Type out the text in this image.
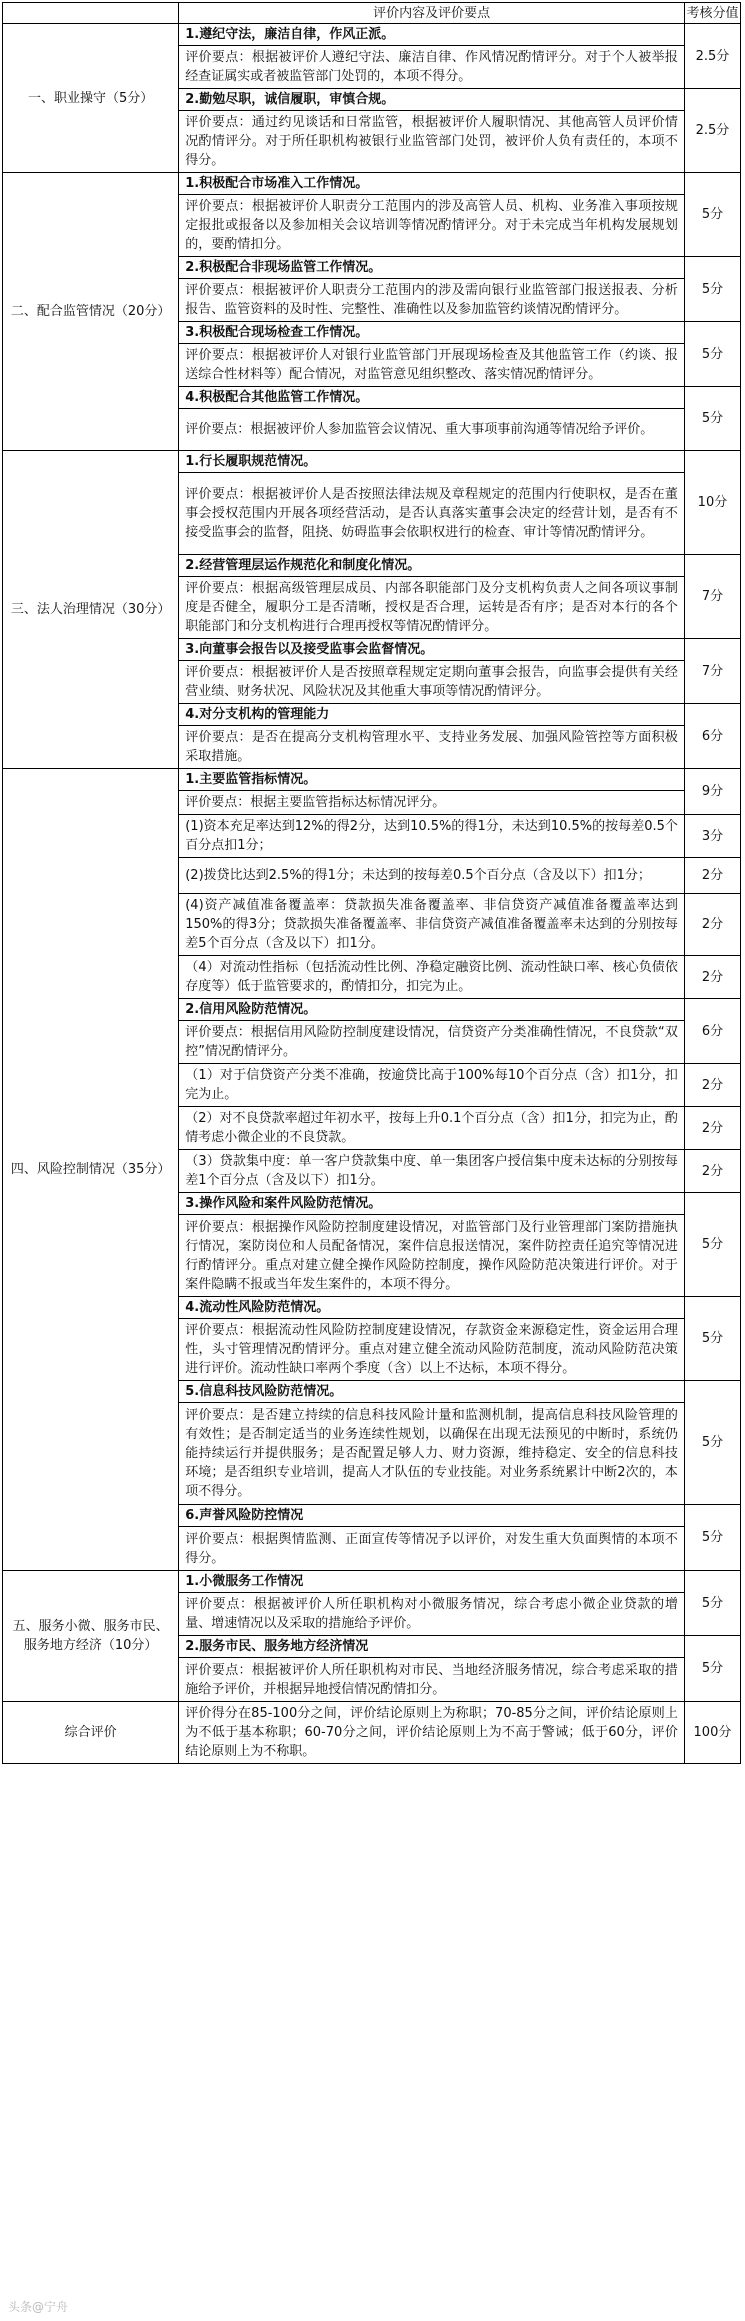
	评价内容及评价要点	考核分值
一、职业操守（5分）	1.遵纪守法，廉洁自律，作风正派。	2.5分
	评价要点：根据被评价人遵纪守法、廉洁自律、作风情况酌情评分。对于个人被举报经查证属实或者被监管部门处罚的，本项不得分。	
	2.勤勉尽职，诚信履职，审慎合规。	2.5分
	评价要点：通过约见谈话和日常监管，根据被评价人履职情况、其他高管人员评价情况酌情评分。对于所任职机构被银行业监管部门处罚，被评价人负有责任的，本项不得分。	
二、配合监管情况（20分）	1.积极配合市场准入工作情况。	5分
	评价要点：根据被评价人职责分工范围内的涉及高管人员、机构、业务准入事项按规定报批或报备以及参加相关会议培训等情况酌情评分。对于未完成当年机构发展规划的，要酌情扣分。	
	2.积极配合非现场监管工作情况。	5分
	评价要点：根据被评价人职责分工范围内的涉及需向银行业监管部门报送报表、分析报告、监管资料的及时性、完整性、准确性以及参加监管约谈情况酌情评分。	
	3.积极配合现场检查工作情况。	5分
	评价要点：根据被评价人对银行业监管部门开展现场检查及其他监管工作（约谈、报送综合性材料等）配合情况，对监管意见组织整改、落实情况酌情评分。	
	4.积极配合其他监管工作情况。	5分
	评价要点：根据被评价人参加监管会议情况、重大事项事前沟通等情况给予评价。	
三、法人治理情况（30分）	1.行长履职规范情况。	10分
	评价要点：根据被评价人是否按照法律法规及章程规定的范围内行使职权，是否在董事会授权范围内开展各项经营活动，是否认真落实董事会决定的经营计划，是否有不接受监事会的监督，阻挠、妨碍监事会依职权进行的检查、审计等情况酌情评分。	
	2.经营管理层运作规范化和制度化情况。	7分
	评价要点：根据高级管理层成员、内部各职能部门及分支机构负责人之间各项议事制度是否健全，履职分工是否清晰，授权是否合理，运转是否有序；是否对本行的各个职能部门和分支机构进行合理再授权等情况酌情评分。	
	3.向董事会报告以及接受监事会监督情况。	7分
	评价要点：根据被评价人是否按照章程规定定期向董事会报告，向监事会提供有关经营业绩、财务状况、风险状况及其他重大事项等情况酌情评分。	
	4.对分支机构的管理能力	6分
	评价要点：是否在提高分支机构管理水平、支持业务发展、加强风险管控等方面积极采取措施。	
四、风险控制情况（35分）	1.主要监管指标情况。	9分
	评价要点：根据主要监管指标达标情况评分。	
	(1)资本充足率达到12%的得2分，达到10.5%的得1分，未达到10.5%的按每差0.5个百分点扣1分；	3分
	(2)拨贷比达到2.5%的得1分；未达到的按每差0.5个百分点（含及以下）扣1分；	2分
	(4)资产减值准备覆盖率：贷款损失准备覆盖率、非信贷资产减值准备覆盖率达到150%的得3分；贷款损失准备覆盖率、非信贷资产减值准备覆盖率未达到的分别按每差5个百分点（含及以下）扣1分。	2分
	（4）对流动性指标（包括流动性比例、净稳定融资比例、流动性缺口率、核心负债依存度等）低于监管要求的，酌情扣分，扣完为止。	2分
	2.信用风险防范情况。	6分
	评价要点：根据信用风险防控制度建设情况，信贷资产分类准确性情况，不良贷款“双控”情况酌情评分。	
	（1）对于信贷资产分类不准确，按逾贷比高于100%每10个百分点（含）扣1分，扣完为止。	2分
	（2）对不良贷款率超过年初水平，按每上升0.1个百分点（含）扣1分，扣完为止，酌情考虑小微企业的不良贷款。	2分
	（3）贷款集中度：单一客户贷款集中度、单一集团客户授信集中度未达标的分别按每差1个百分点（含及以下）扣1分。	2分
	3.操作风险和案件风险防范情况。	5分
	评价要点：根据操作风险防控制度建设情况，对监管部门及行业管理部门案防措施执行情况，案防岗位和人员配备情况，案件信息报送情况，案件防控责任追究等情况进行酌情评分。重点对建立健全操作风险防控制度，操作风险防范决策进行评价。对于案件隐瞒不报或当年发生案件的，本项不得分。	
	4.流动性风险防范情况。	5分
	评价要点：根据流动性风险防控制度建设情况，存款资金来源稳定性，资金运用合理性，头寸管理情况酌情评分。重点对建立健全流动风险防范制度，流动风险防范决策进行评价。流动性缺口率两个季度（含）以上不达标，本项不得分。	
	5.信息科技风险防范情况。	5分
	评价要点：是否建立持续的信息科技风险计量和监测机制，提高信息科技风险管理的有效性；是否制定适当的业务连续性规划，以确保在出现无法预见的中断时，系统仍能持续运行并提供服务；是否配置足够人力、财力资源，维持稳定、安全的信息科技环境；是否组织专业培训，提高人才队伍的专业技能。对业务系统累计中断2次的，本项不得分。	
	6.声誉风险防控情况	5分
	评价要点：根据舆情监测、正面宣传等情况予以评价，对发生重大负面舆情的本项不得分。	
五、服务小微、服务市民、服务地方经济（10分）	1.小微服务工作情况	5分
	评价要点：根据被评价人所任职机构对小微服务情况，综合考虑小微企业贷款的增量、增速情况以及采取的措施给予评价。	
	2.服务市民、服务地方经济情况	5分
	评价要点：根据被评价人所任职机构对市民、当地经济服务情况，综合考虑采取的措施给予评价，并根据异地授信情况酌情扣分。	
综合评价	评价得分在85-100分之间，评价结论原则上为称职；70-85分之间，评价结论原则上为不低于基本称职；60-70分之间，评价结论原则上为不高于警诫；低于60分，评价结论原则上为不称职。	100分
头条@宁舟
